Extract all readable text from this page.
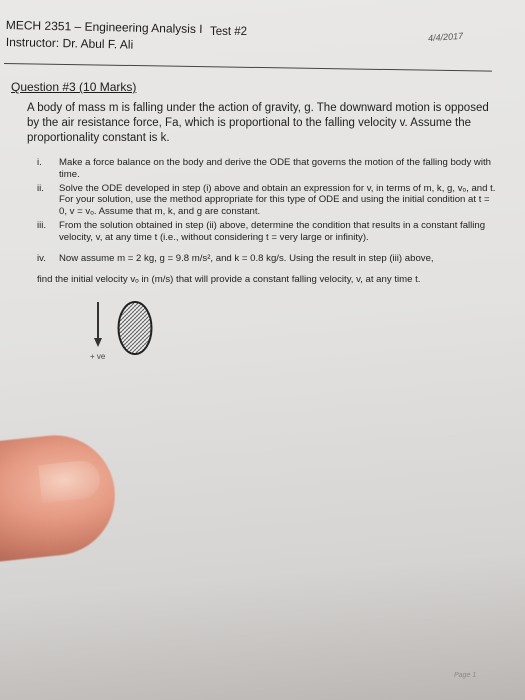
MECH 2351 – Engineering Analysis I Test #2
Instructor: Dr. Abul F. Ali	4/4/2017
Question #3 (10 Marks)
A body of mass m is falling under the action of gravity, g. The downward motion is opposed by the air resistance force, Fa, which is proportional to the falling velocity v. Assume the proportionality constant is k.
i. Make a force balance on the body and derive the ODE that governs the motion of the falling body with time.
ii. Solve the ODE developed in step (i) above and obtain an expression for v, in terms of m, k, g, vₒ, and t. For your solution, use the method appropriate for this type of ODE and using the initial condition at t = 0, v = vₒ. Assume that m, k, and g are constant.
iii. From the solution obtained in step (ii) above, determine the condition that results in a constant falling velocity, v, at any time t (i.e., without considering t = very large or infinity).
iv. Now assume m = 2 kg, g = 9.8 m/s², and k = 0.8 kg/s. Using the result in step (iii) above,
find the initial velocity vₒ in (m/s) that will provide a constant falling velocity, v, at any time t.
+ ve
Page 1
